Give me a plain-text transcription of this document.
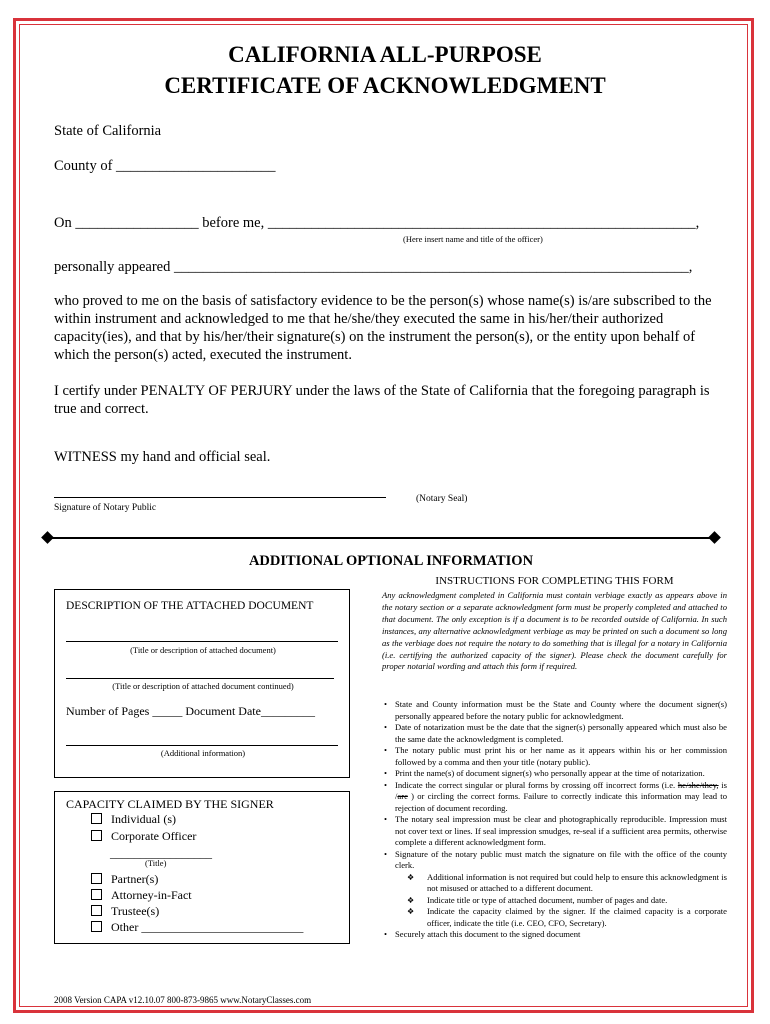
CALIFORNIA ALL-PURPOSE

CERTIFICATE OF ACKNOWLEDGMENT

State of California

County of ______________________

On _________________ before me, ___________________________________________________________,

(Here insert name and title of the officer)

personally appeared _______________________________________________________________________,

who proved to me on the basis of satisfactory evidence to be the person(s) whose name(s) is/are subscribed to the within instrument and acknowledged to me that he/she/they executed the same in his/her/their authorized capacity(ies), and that by his/her/their signature(s) on the instrument the person(s), or the entity upon behalf of which the person(s) acted, executed the instrument.

I certify under PENALTY OF PERJURY under the laws of the State of California that the foregoing paragraph is true and correct.

WITNESS my hand and official seal.

Signature of Notary Public

(Notary Seal)

ADDITIONAL OPTIONAL INFORMATION

DESCRIPTION OF THE ATTACHED DOCUMENT

(Title or description of attached document)

(Title or description of attached document continued)

Number of Pages _____ Document Date_________

(Additional information)

CAPACITY CLAIMED BY THE SIGNER

Individual (s)

Corporate Officer

_________________

(Title)

Partner(s)

Attorney-in-Fact

Trustee(s)

Other ___________________________

INSTRUCTIONS FOR COMPLETING THIS FORM

Any acknowledgment completed in California must contain verbiage exactly as appears above in the notary section or a separate acknowledgment form must be properly completed and attached to that document. The only exception is if a document is to be recorded outside of California. In such instances, any alternative acknowledgment verbiage as may be printed on such a document so long as the verbiage does not require the notary to do something that is illegal for a notary in California (i.e. certifying the authorized capacity of the signer). Please check the document carefully for proper notarial wording and attach this form if required.

• State and County information must be the State and County where the document signer(s) personally appeared before the notary public for acknowledgment.
• Date of notarization must be the date that the signer(s) personally appeared which must also be the same date the acknowledgment is completed.
• The notary public must print his or her name as it appears within his or her commission followed by a comma and then your title (notary public).
• Print the name(s) of document signer(s) who personally appear at the time of notarization.
• Indicate the correct singular or plural forms by crossing off incorrect forms (i.e. he/she/they, is /are ) or circling the correct forms. Failure to correctly indicate this information may lead to rejection of document recording.
• The notary seal impression must be clear and photographically reproducible. Impression must not cover text or lines. If seal impression smudges, re-seal if a sufficient area permits, otherwise complete a different acknowledgment form.
• Signature of the notary public must match the signature on file with the office of the county clerk.
❖ Additional information is not required but could help to ensure this acknowledgment is not misused or attached to a different document.
❖ Indicate title or type of attached document, number of pages and date.
❖ Indicate the capacity claimed by the signer. If the claimed capacity is a corporate officer, indicate the title (i.e. CEO, CFO, Secretary).
• Securely attach this document to the signed document

2008 Version CAPA v12.10.07 800-873-9865 www.NotaryClasses.com
